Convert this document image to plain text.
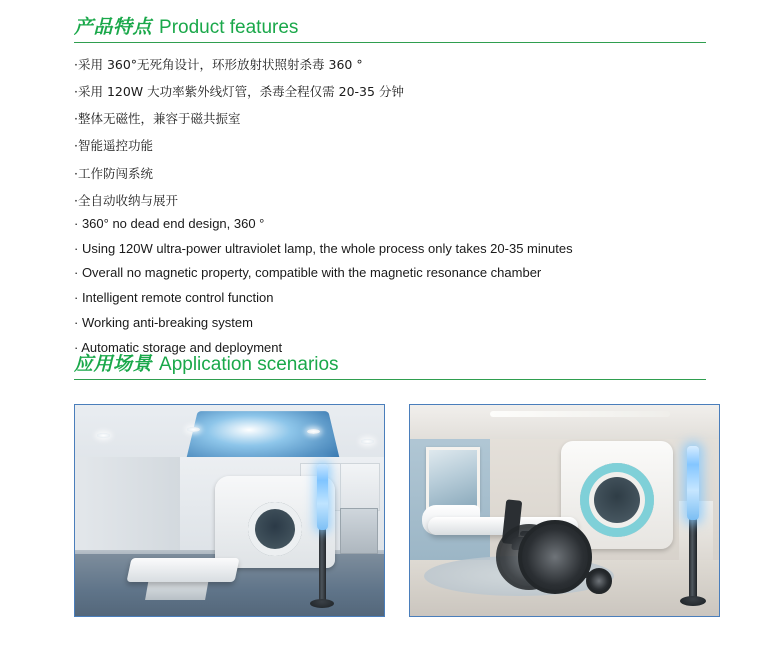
产品特点 Product features
·采用 360°无死角设计，环形放射状照射杀毒 360 °
·采用 120W 大功率紫外线灯管，杀毒全程仅需 20-35 分钟
·整体无磁性，兼容于磁共振室
·智能遥控功能
·工作防闯系统
·全自动收纳与展开
· 360° no dead end design, 360 °
· Using 120W ultra-power ultraviolet lamp, the whole process only takes 20-35 minutes
· Overall no magnetic property, compatible with the magnetic resonance chamber
· Intelligent remote control function
· Working anti-breaking system
· Automatic storage and deployment
应用场景 Application scenarios
